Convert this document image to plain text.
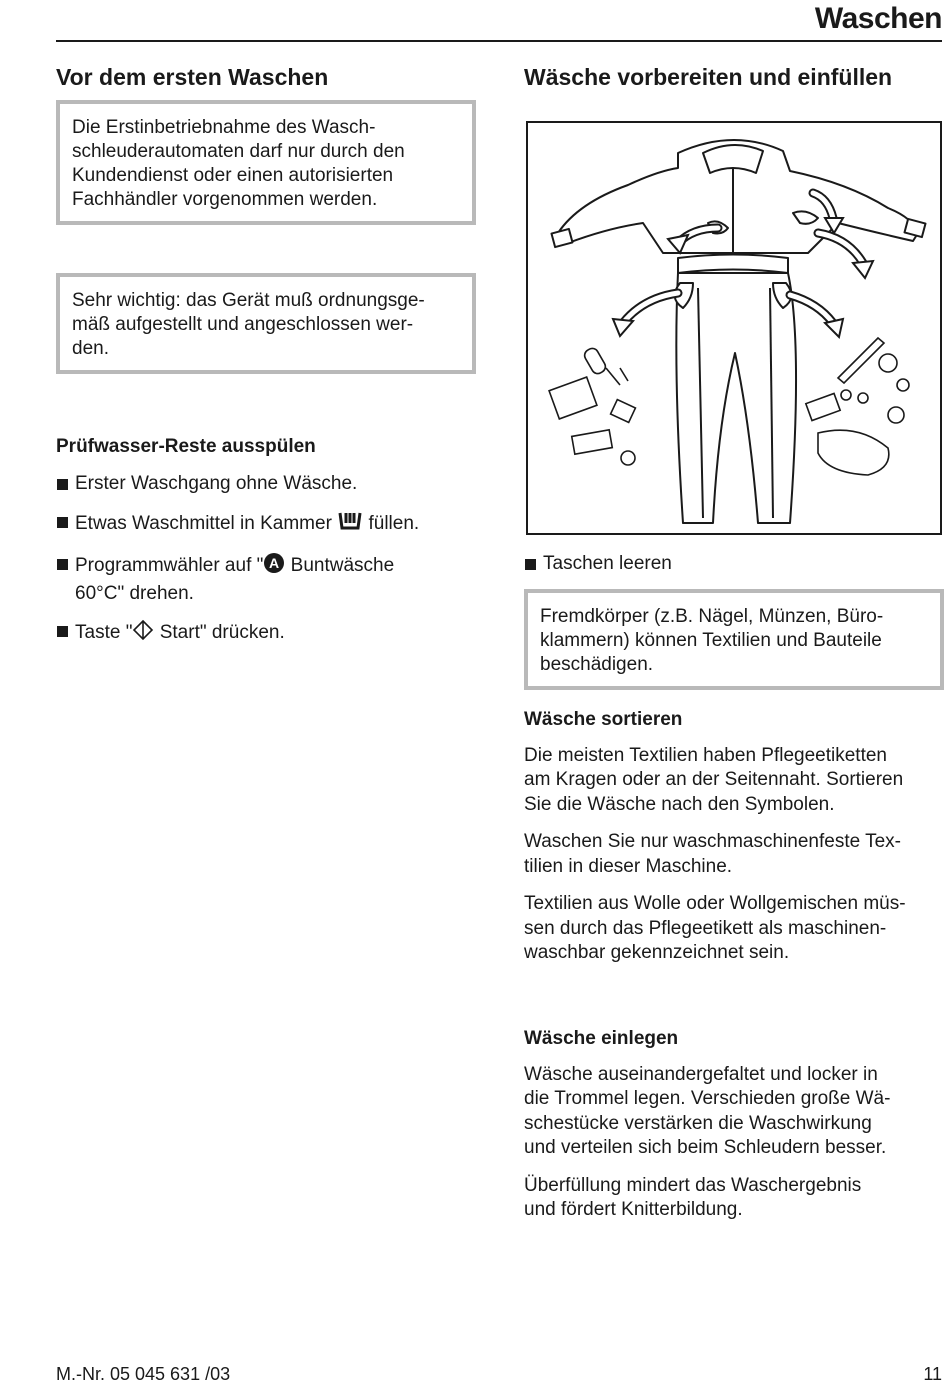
Waschen
Vor dem ersten Waschen
Die Erstinbetriebnahme des Wasch-
schleuderautomaten darf nur durch den
Kundendienst oder einen autorisierten
Fachhändler vorgenommen werden.
Sehr wichtig: das Gerät muß ordnungsge-
mäß aufgestellt und angeschlossen wer-
den.
Prüfwasser-Reste ausspülen
Erster Waschgang ohne Wäsche.
Etwas Waschmittel in Kammer füllen.
Programmwähler auf " A Buntwäsche
60°C" drehen.
Taste " Start" drücken.
Wäsche vorbereiten und einfüllen
Taschen leeren
Fremdkörper (z.B. Nägel, Münzen, Büro-
klammern) können Textilien und Bauteile
beschädigen.
Wäsche sortieren

Die meisten Textilien haben Pflegeetiketten
am Kragen oder an der Seitennaht. Sortieren
Sie die Wäsche nach den Symbolen.

Waschen Sie nur waschmaschinenfeste Tex-
tilien in dieser Maschine.

Textilien aus Wolle oder Wollgemischen müs-
sen durch das Pflegeetikett als maschinen-
waschbar gekennzeichnet sein.

Wäsche einlegen

Wäsche auseinandergefaltet und locker in
die Trommel legen. Verschieden große Wä-
schestücke verstärken die Waschwirkung
und verteilen sich beim Schleudern besser.

Überfüllung mindert das Waschergebnis
und fördert Knitterbildung.

M.-Nr. 05 045 631 /03	11
